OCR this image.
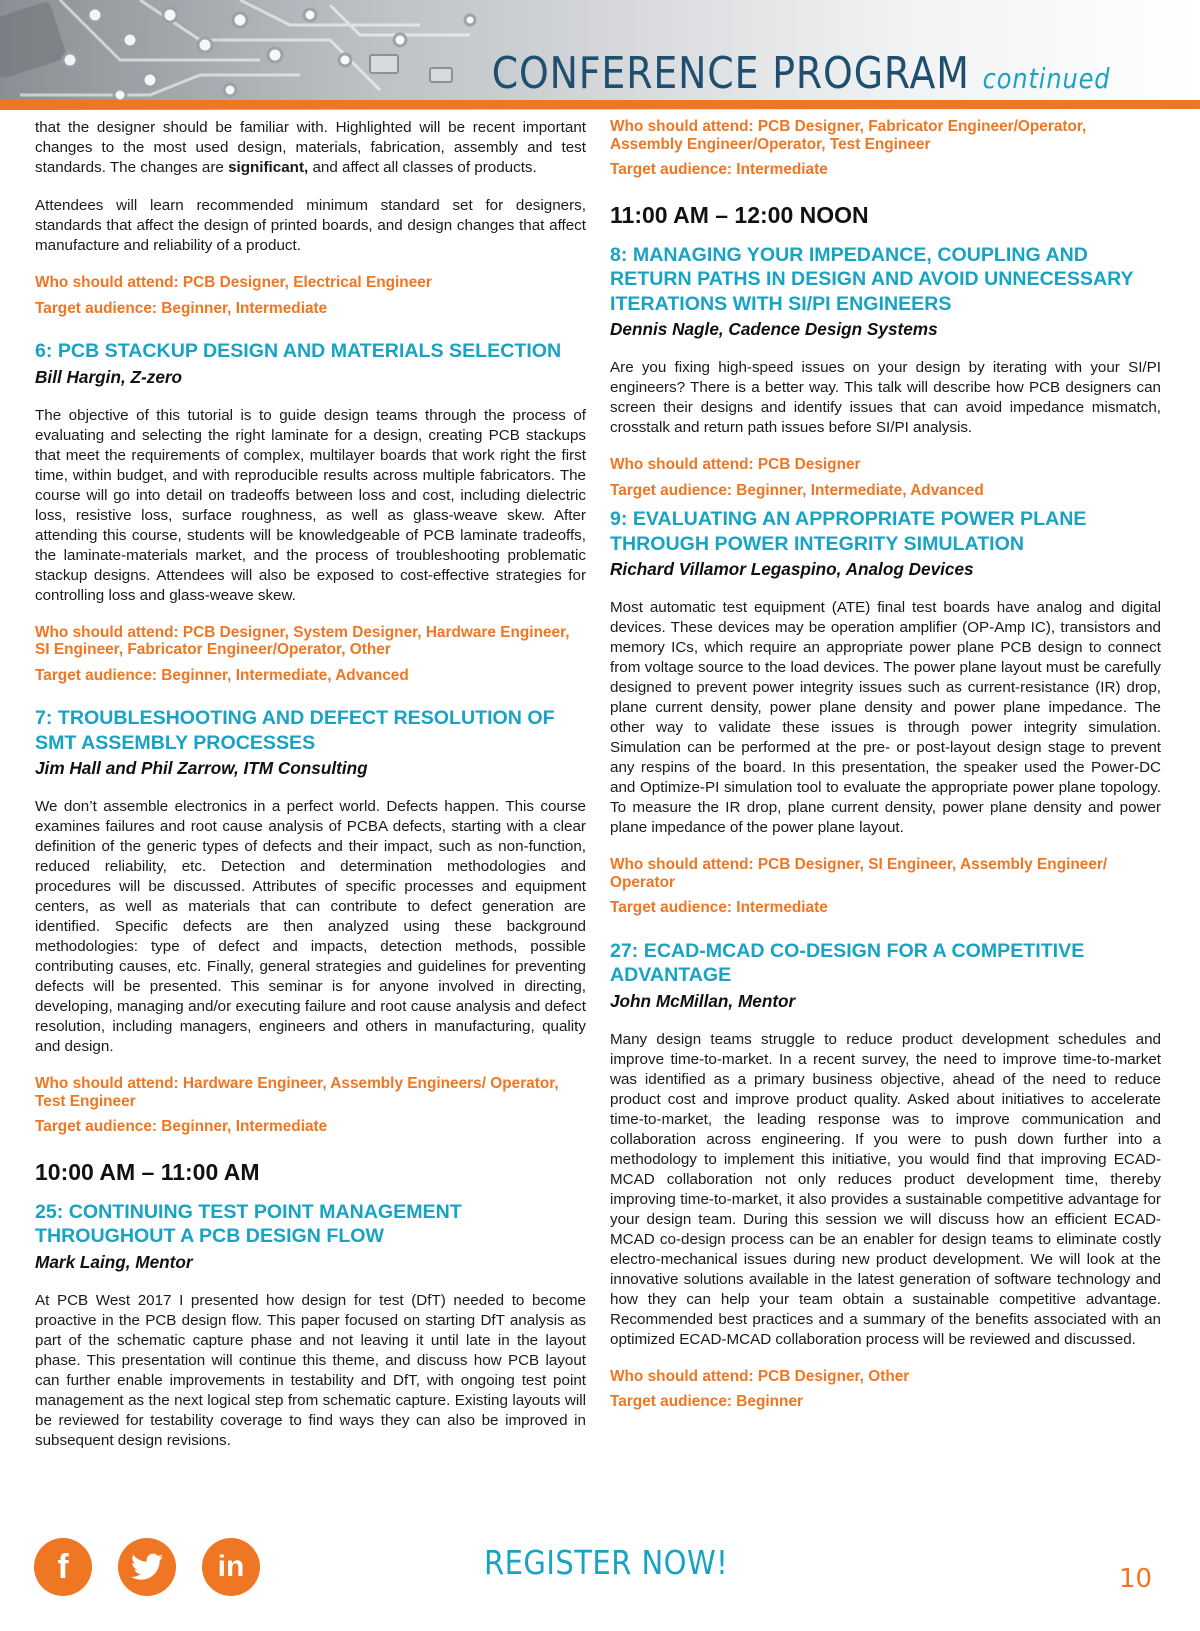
CONFERENCE PROGRAM continued
that the designer should be familiar with. Highlighted will be recent important changes to the most used design, materials, fabrication, assembly and test standards. The changes are significant, and affect all classes of products.
Attendees will learn recommended minimum standard set for designers, standards that affect the design of printed boards, and design changes that affect manufacture and reliability of a product.
Who should attend: PCB Designer, Electrical Engineer
Target audience: Beginner, Intermediate
6: PCB STACKUP DESIGN AND MATERIALS SELECTION
Bill Hargin, Z-zero
The objective of this tutorial is to guide design teams through the process of evaluating and selecting the right laminate for a design, creating PCB stackups that meet the requirements of complex, multilayer boards that work right the first time, within budget, and with reproducible results across multiple fabricators. The course will go into detail on tradeoffs between loss and cost, including dielectric loss, resistive loss, surface roughness, as well as glass-weave skew. After attending this course, students will be knowledgeable of PCB laminate tradeoffs, the laminate-materials market, and the process of troubleshooting problematic stackup designs. Attendees will also be exposed to cost-effective strategies for controlling loss and glass-weave skew.
Who should attend: PCB Designer, System Designer, Hardware Engineer, SI Engineer, Fabricator Engineer/Operator, Other
Target audience: Beginner, Intermediate, Advanced
7: TROUBLESHOOTING AND DEFECT RESOLUTION OF SMT ASSEMBLY PROCESSES
Jim Hall and Phil Zarrow, ITM Consulting
We don’t assemble electronics in a perfect world. Defects happen. This course examines failures and root cause analysis of PCBA defects, starting with a clear definition of the generic types of defects and their impact, such as non-function, reduced reliability, etc. Detection and determination methodologies and procedures will be discussed. Attributes of specific processes and equipment centers, as well as materials that can contribute to defect generation are identified. Specific defects are then analyzed using these background methodologies: type of defect and impacts, detection methods, possible contributing causes, etc. Finally, general strategies and guidelines for preventing defects will be presented. This seminar is for anyone involved in directing, developing, managing and/or executing failure and root cause analysis and defect resolution, including managers, engineers and others in manufacturing, quality and design.
Who should attend: Hardware Engineer, Assembly Engineers/ Operator, Test Engineer
Target audience: Beginner, Intermediate
10:00 AM – 11:00 AM
25: CONTINUING TEST POINT MANAGEMENT THROUGHOUT A PCB DESIGN FLOW
Mark Laing, Mentor
At PCB West 2017 I presented how design for test (DfT) needed to become proactive in the PCB design flow. This paper focused on starting DfT analysis as part of the schematic capture phase and not leaving it until late in the layout phase. This presentation will continue this theme, and discuss how PCB layout can further enable improvements in testability and DfT, with ongoing test point management as the next logical step from schematic capture. Existing layouts will be reviewed for testability coverage to find ways they can also be improved in subsequent design revisions.
Who should attend: PCB Designer, Fabricator Engineer/Operator, Assembly Engineer/Operator, Test Engineer
Target audience: Intermediate
11:00 AM – 12:00 NOON
8: MANAGING YOUR IMPEDANCE, COUPLING AND RETURN PATHS IN DESIGN AND AVOID UNNECESSARY ITERATIONS WITH SI/PI ENGINEERS
Dennis Nagle, Cadence Design Systems
Are you fixing high-speed issues on your design by iterating with your SI/PI engineers? There is a better way. This talk will describe how PCB designers can screen their designs and identify issues that can avoid impedance mismatch, crosstalk and return path issues before SI/PI analysis.
Who should attend: PCB Designer
Target audience: Beginner, Intermediate, Advanced
9: EVALUATING AN APPROPRIATE POWER PLANE THROUGH POWER INTEGRITY SIMULATION
Richard Villamor Legaspino, Analog Devices
Most automatic test equipment (ATE) final test boards have analog and digital devices. These devices may be operation amplifier (OP-Amp IC), transistors and memory ICs, which require an appropriate power plane PCB design to connect from voltage source to the load devices. The power plane layout must be carefully designed to prevent power integrity issues such as current-resistance (IR) drop, plane current density, power plane density and power plane impedance. The other way to validate these issues is through power integrity simulation. Simulation can be performed at the pre- or post-layout design stage to prevent any respins of the board. In this presentation, the speaker used the Power-DC and Optimize-PI simulation tool to evaluate the appropriate power plane topology. To measure the IR drop, plane current density, power plane density and power plane impedance of the power plane layout.
Who should attend: PCB Designer, SI Engineer, Assembly Engineer/ Operator
Target audience: Intermediate
27: ECAD-MCAD CO-DESIGN FOR A COMPETITIVE ADVANTAGE
John McMillan, Mentor
Many design teams struggle to reduce product development schedules and improve time-to-market. In a recent survey, the need to improve time-to-market was identified as a primary business objective, ahead of the need to reduce product cost and improve product quality. Asked about initiatives to accelerate time-to-market, the leading response was to improve communication and collaboration across engineering. If you were to push down further into a methodology to implement this initiative, you would find that improving ECAD-MCAD collaboration not only reduces product development time, thereby improving time-to-market, it also provides a sustainable competitive advantage for your design team. During this session we will discuss how an efficient ECAD-MCAD co-design process can be an enabler for design teams to eliminate costly electro-mechanical issues during new product development. We will look at the innovative solutions available in the latest generation of software technology and how they can help your team obtain a sustainable competitive advantage. Recommended best practices and a summary of the benefits associated with an optimized ECAD-MCAD collaboration process will be reviewed and discussed.
Who should attend: PCB Designer, Other
Target audience: Beginner
f	in	REGISTER NOW!	10
